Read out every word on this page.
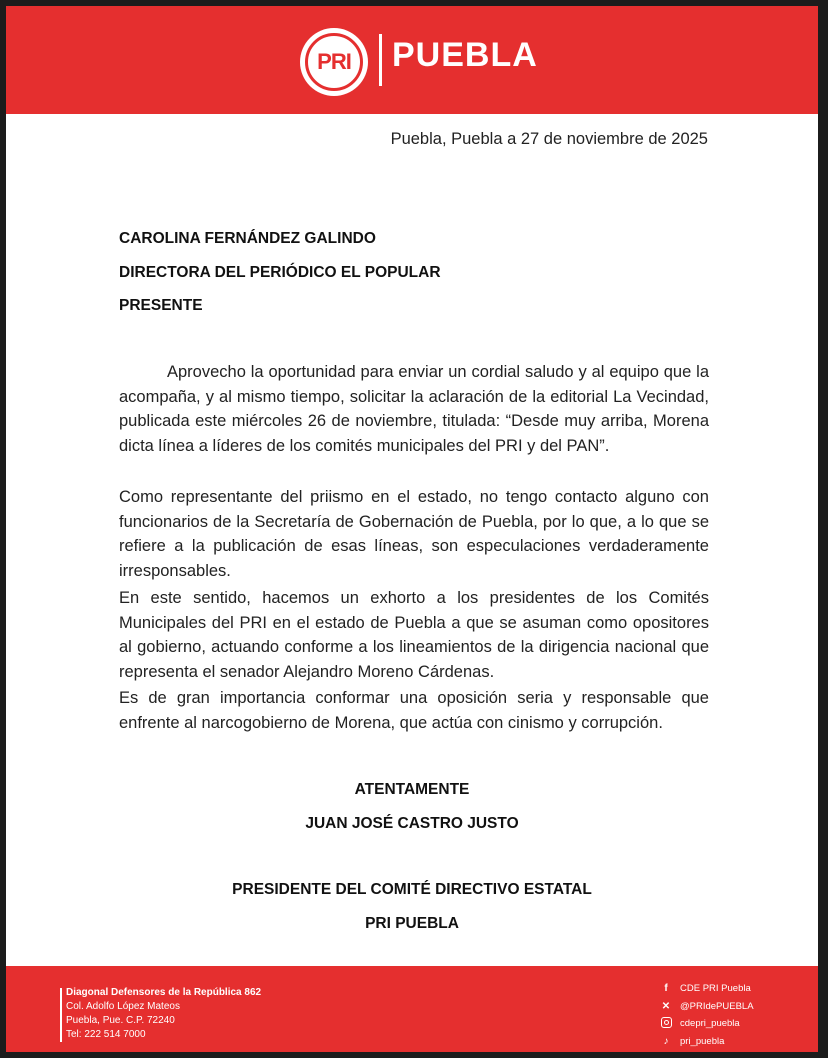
PRI PUEBLA
Puebla, Puebla a 27 de noviembre de 2025
CAROLINA FERNÁNDEZ GALINDO
DIRECTORA DEL PERIÓDICO EL POPULAR
PRESENTE
Aprovecho la oportunidad para enviar un cordial saludo y al equipo que la acompaña, y al mismo tiempo, solicitar la aclaración de la editorial La Vecindad, publicada este miércoles 26 de noviembre, titulada: “Desde muy arriba, Morena dicta línea a líderes de los comités municipales del PRI y del PAN”.
Como representante del priismo en el estado, no tengo contacto alguno con funcionarios de la Secretaría de Gobernación de Puebla, por lo que, a lo que se refiere a la publicación de esas líneas, son especulaciones verdaderamente irresponsables.
En este sentido, hacemos un exhorto a los presidentes de los Comités Municipales del PRI en el estado de Puebla a que se asuman como opositores al gobierno, actuando conforme a los lineamientos de la dirigencia nacional que representa el senador Alejandro Moreno Cárdenas.
Es de gran importancia conformar una oposición seria y responsable que enfrente al narcogobierno de Morena, que actúa con cinismo y corrupción.
ATENTAMENTE
JUAN JOSÉ CASTRO JUSTO
PRESIDENTE DEL COMITÉ DIRECTIVO ESTATAL
PRI PUEBLA
Diagonal Defensores de la República 862
Col. Adolfo López Mateos
Puebla, Pue. C.P. 72240
Tel: 222 514 7000
f	CDE PRI Puebla
✕	@PRIdePUEBLA
cdepri_puebla
♪	pri_puebla
